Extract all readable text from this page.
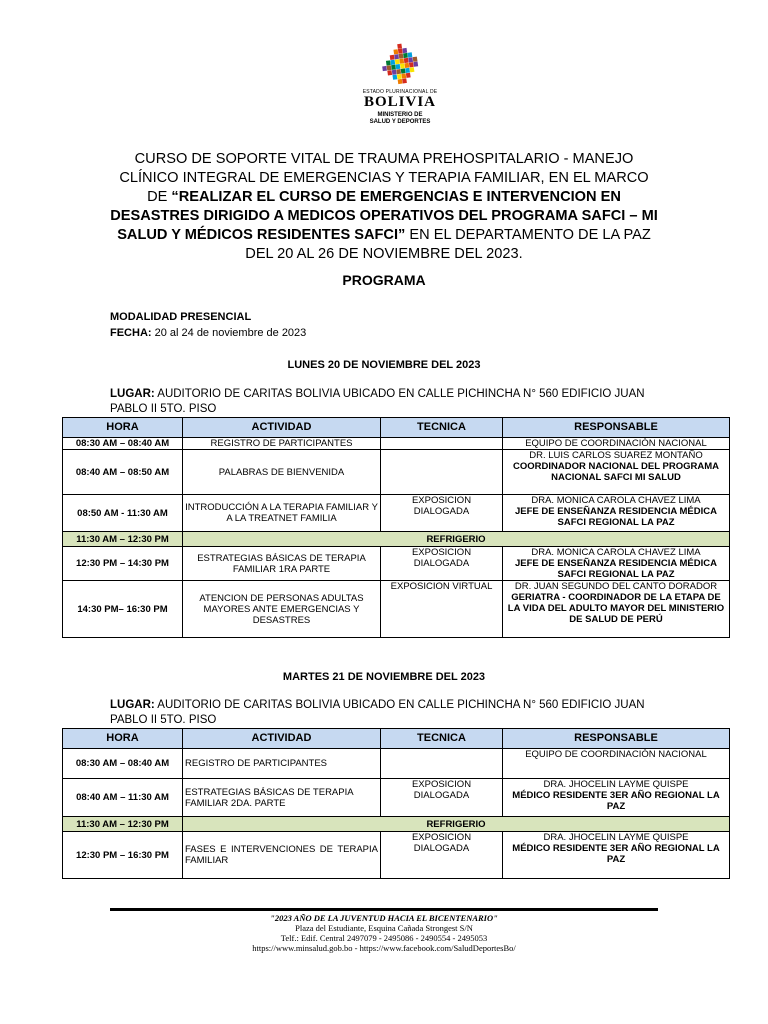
ESTADO PLURINACIONAL DE
BOLIVIA
MINISTERIO DE
SALUD Y DEPORTES
CURSO DE SOPORTE VITAL DE TRAUMA PREHOSPITALARIO - MANEJO CLÍNICO INTEGRAL DE EMERGENCIAS Y TERAPIA FAMILIAR, EN EL MARCO DE “REALIZAR EL CURSO DE EMERGENCIAS E INTERVENCION EN DESASTRES DIRIGIDO A MEDICOS OPERATIVOS DEL PROGRAMA SAFCI – MI SALUD Y MÉDICOS RESIDENTES SAFCI” EN EL DEPARTAMENTO DE LA PAZ DEL 20 AL 26 DE NOVIEMBRE DEL 2023.
PROGRAMA
MODALIDAD PRESENCIAL
FECHA: 20 al 24 de noviembre de 2023
LUNES 20 DE NOVIEMBRE DEL 2023
LUGAR: AUDITORIO DE CARITAS BOLIVIA UBICADO EN CALLE PICHINCHA N° 560 EDIFICIO JUAN PABLO II 5TO. PISO
HORA	ACTIVIDAD	TECNICA	RESPONSABLE
08:30 AM – 08:40 AM	REGISTRO DE PARTICIPANTES		EQUIPO DE COORDINACIÓN NACIONAL

08:40 AM – 08:50 AM	PALABRAS DE BIENVENIDA		DR. LUIS CARLOS SUAREZ MONTAÑO
COORDINADOR NACIONAL DEL PROGRAMA NACIONAL SAFCI MI SALUD

08:50 AM - 11:30 AM	INTRODUCCIÓN A LA TERAPIA FAMILIAR Y A LA TREATNET FAMILIA	EXPOSICION DIALOGADA	DRA. MONICA CAROLA CHAVEZ LIMA
JEFE DE ENSEÑANZA RESIDENCIA MÉDICA SAFCI REGIONAL LA PAZ

11:30 AM – 12:30 PM	REFRIGERIO		
12:30 PM – 14:30 PM	ESTRATEGIAS BÁSICAS DE TERAPIA FAMILIAR 1RA PARTE	EXPOSICION DIALOGADA	DRA. MONICA CAROLA CHAVEZ LIMA
JEFE DE ENSEÑANZA RESIDENCIA MÉDICA SAFCI REGIONAL LA PAZ

14:30 PM– 16:30 PM	ATENCION DE PERSONAS ADULTAS MAYORES ANTE EMERGENCIAS Y DESASTRES	EXPOSICION VIRTUAL	DR. JUAN SEGUNDO DEL CANTO DORADOR
GERIATRA - COORDINADOR DE LA ETAPA DE LA VIDA DEL ADULTO MAYOR DEL MINISTERIO DE SALUD DE PERÚ
MARTES 21 DE NOVIEMBRE DEL 2023
LUGAR: AUDITORIO DE CARITAS BOLIVIA UBICADO EN CALLE PICHINCHA N° 560 EDIFICIO JUAN PABLO II 5TO. PISO
HORA	ACTIVIDAD	TECNICA	RESPONSABLE
08:30 AM – 08:40 AM	REGISTRO DE PARTICIPANTES		EQUIPO DE COORDINACIÓN NACIONAL

08:40 AM – 11:30 AM	ESTRATEGIAS BÁSICAS DE TERAPIA FAMILIAR 2DA. PARTE	EXPOSICION DIALOGADA	DRA. JHOCELIN LAYME QUISPE
MÉDICO RESIDENTE 3ER AÑO REGIONAL LA PAZ

11:30 AM – 12:30 PM	REFRIGERIO		
12:30 PM – 16:30 PM	FASES E INTERVENCIONES DE TERAPIA FAMILIAR	EXPOSICION DIALOGADA	DRA. JHOCELIN LAYME QUISPE
MÉDICO RESIDENTE 3ER AÑO REGIONAL LA PAZ
"2023 AÑO DE LA JUVENTUD HACIA EL BICENTENARIO"
Plaza del Estudiante, Esquina Cañada Strongest S/N
Telf.: Edif. Central 2497079 - 2495086 - 2490554 - 2495053
https://www.minsalud.gob.bo - https://www.facebook.com/SaludDeportesBo/
